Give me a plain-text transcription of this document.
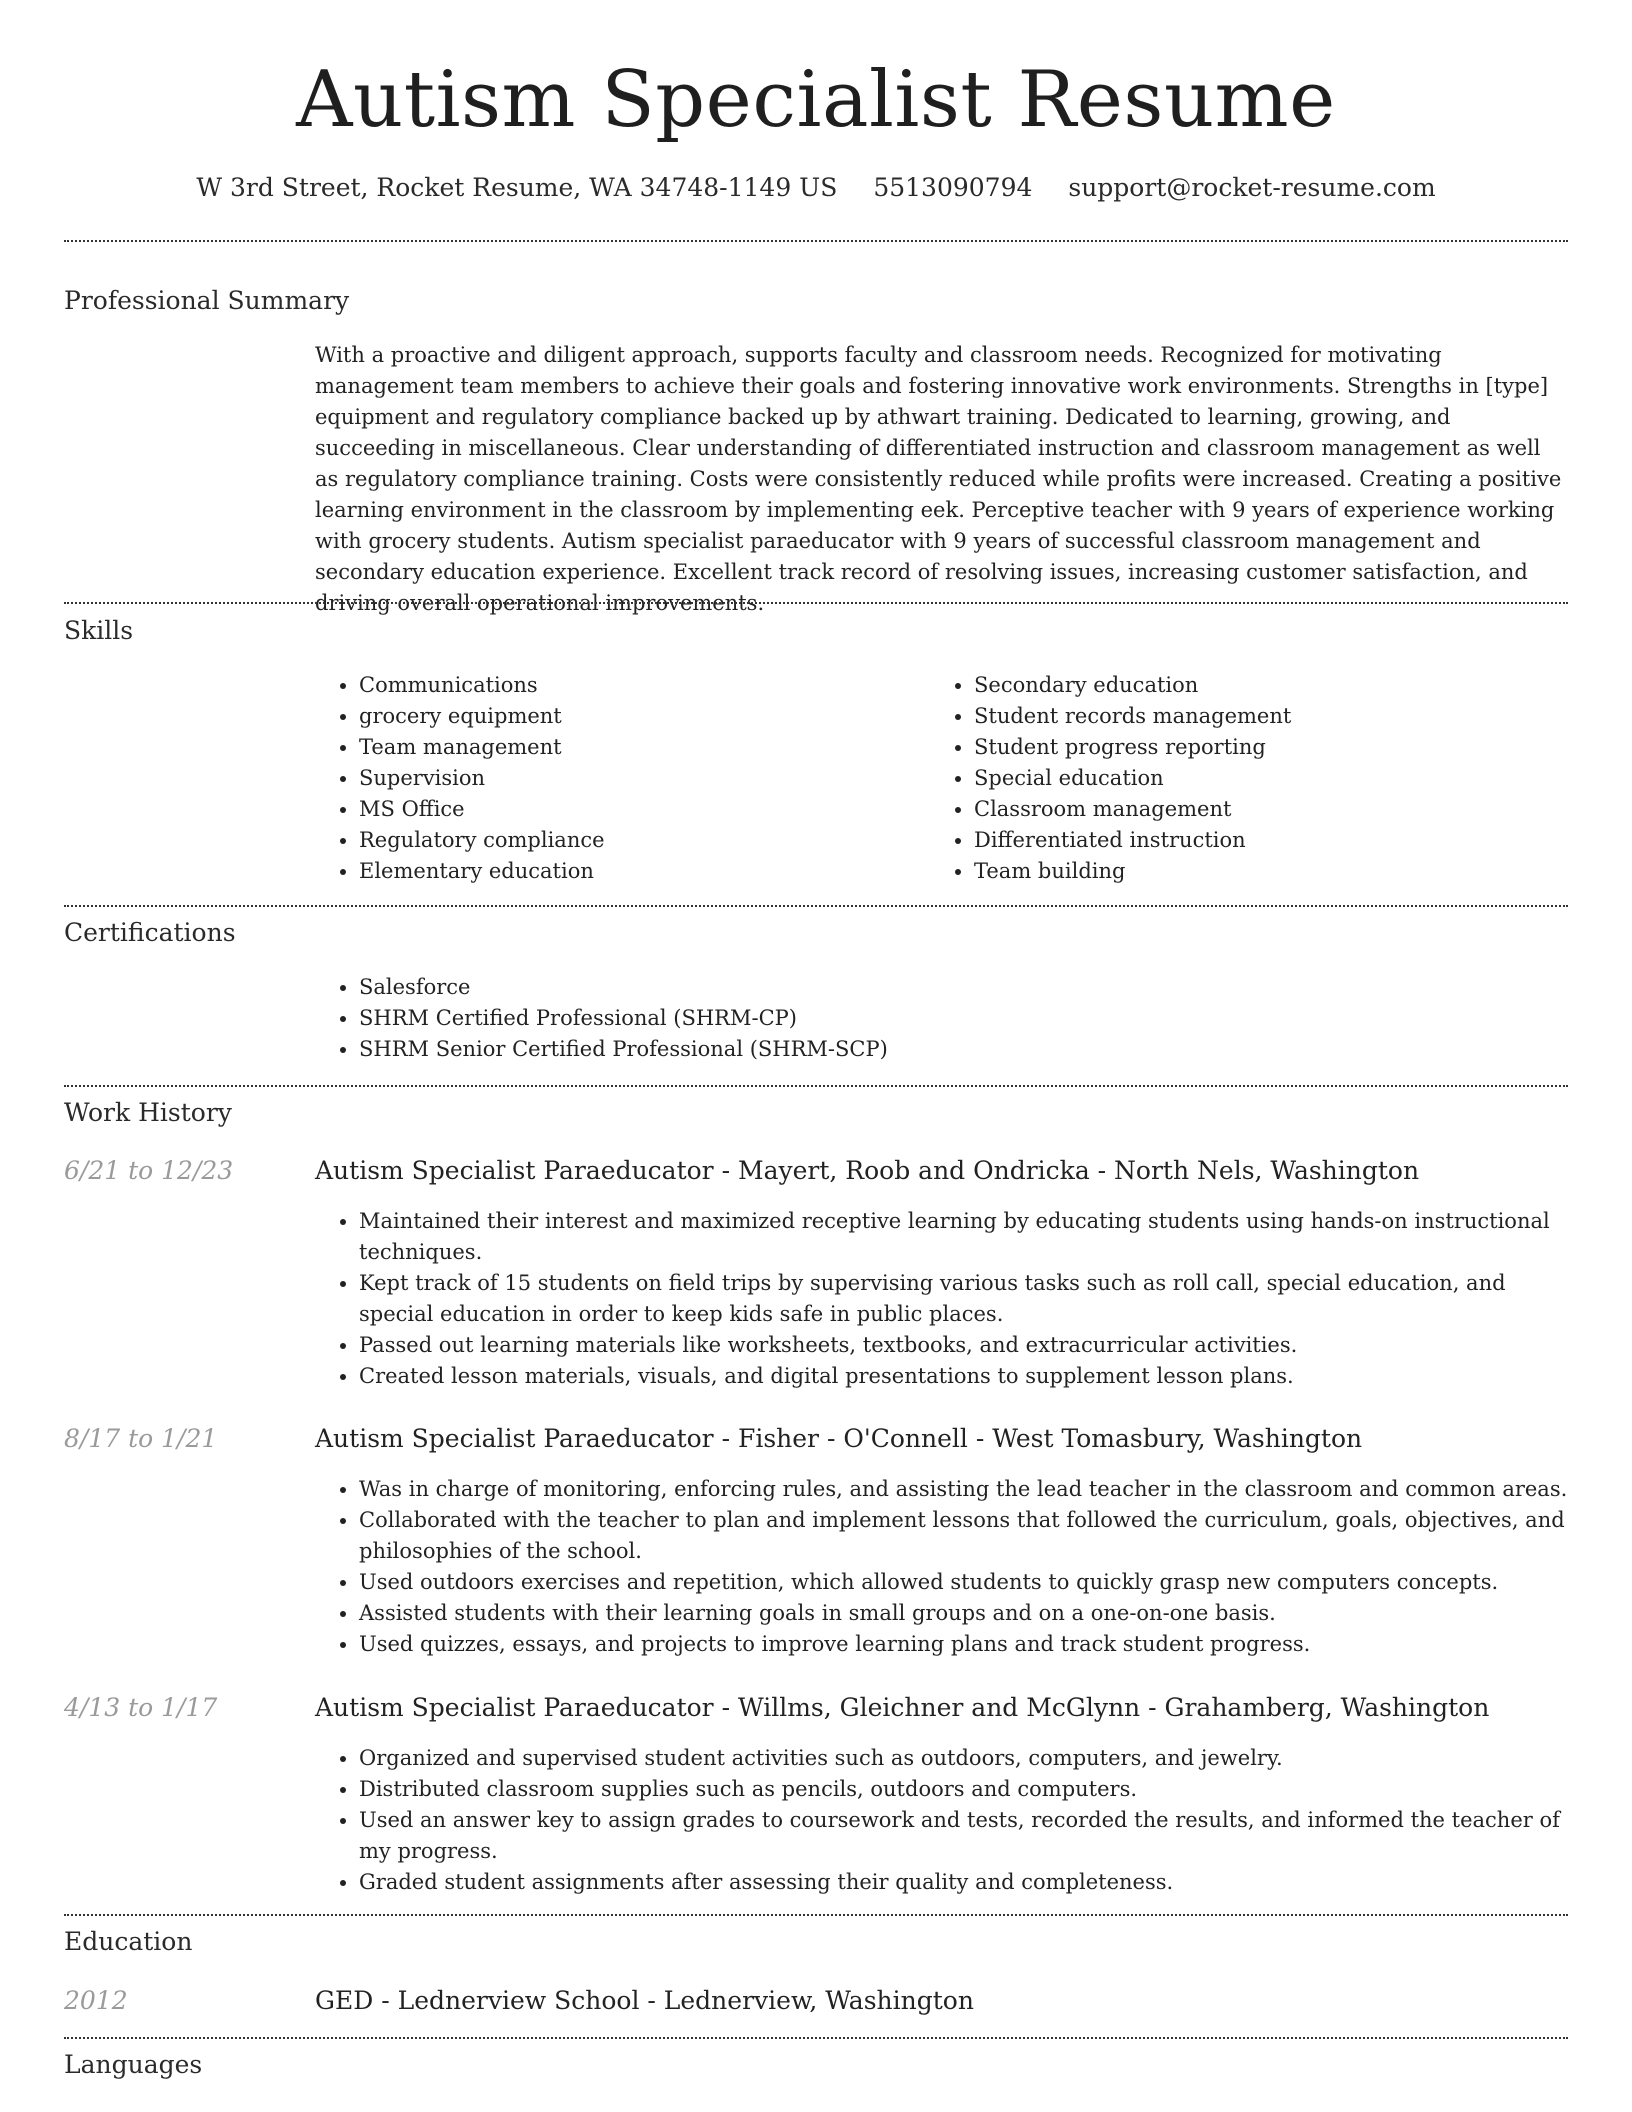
Autism Specialist Resume
W 3rd Street, Rocket Resume, WA 34748-1149 US 5513090794 support@rocket-resume.com
Professional Summary

With a proactive and diligent approach, supports faculty and classroom needs. Recognized for motivating management team members to achieve their goals and fostering innovative work environments. Strengths in [type] equipment and regulatory compliance backed up by athwart training. Dedicated to learning, growing, and succeeding in miscellaneous. Clear understanding of differentiated instruction and classroom management as well as regulatory compliance training. Costs were consistently reduced while profits were increased. Creating a positive learning environment in the classroom by implementing eek. Perceptive teacher with 9 years of experience working with grocery students. Autism specialist paraeducator with 9 years of successful classroom management and secondary education experience. Excellent track record of resolving issues, increasing customer satisfaction, and driving overall operational improvements.

Skills
• Communications
• grocery equipment
• Team management
• Supervision
• MS Office
• Regulatory compliance
• Elementary education
• Secondary education
• Student records management
• Student progress reporting
• Special education
• Classroom management
• Differentiated instruction
• Team building
Certifications
• Salesforce
• SHRM Certified Professional (SHRM-CP)
• SHRM Senior Certified Professional (SHRM-SCP)
Work History
6/21 to 12/23	Autism Specialist Paraeducator - Mayert, Roob and Ondricka - North Nels, Washington
• Maintained their interest and maximized receptive learning by educating students using hands-on instructional techniques.
• Kept track of 15 students on field trips by supervising various tasks such as roll call, special education, and special education in order to keep kids safe in public places.
• Passed out learning materials like worksheets, textbooks, and extracurricular activities.
• Created lesson materials, visuals, and digital presentations to supplement lesson plans.
8/17 to 1/21	Autism Specialist Paraeducator - Fisher - O'Connell - West Tomasbury, Washington
• Was in charge of monitoring, enforcing rules, and assisting the lead teacher in the classroom and common areas.
• Collaborated with the teacher to plan and implement lessons that followed the curriculum, goals, objectives, and philosophies of the school.
• Used outdoors exercises and repetition, which allowed students to quickly grasp new computers concepts.
• Assisted students with their learning goals in small groups and on a one-on-one basis.
• Used quizzes, essays, and projects to improve learning plans and track student progress.
4/13 to 1/17	Autism Specialist Paraeducator - Willms, Gleichner and McGlynn - Grahamberg, Washington
• Organized and supervised student activities such as outdoors, computers, and jewelry.
• Distributed classroom supplies such as pencils, outdoors and computers.
• Used an answer key to assign grades to coursework and tests, recorded the results, and informed the teacher of my progress.
• Graded student assignments after assessing their quality and completeness.
Education
2012	GED - Lednerview School - Lednerview, Washington
Languages
